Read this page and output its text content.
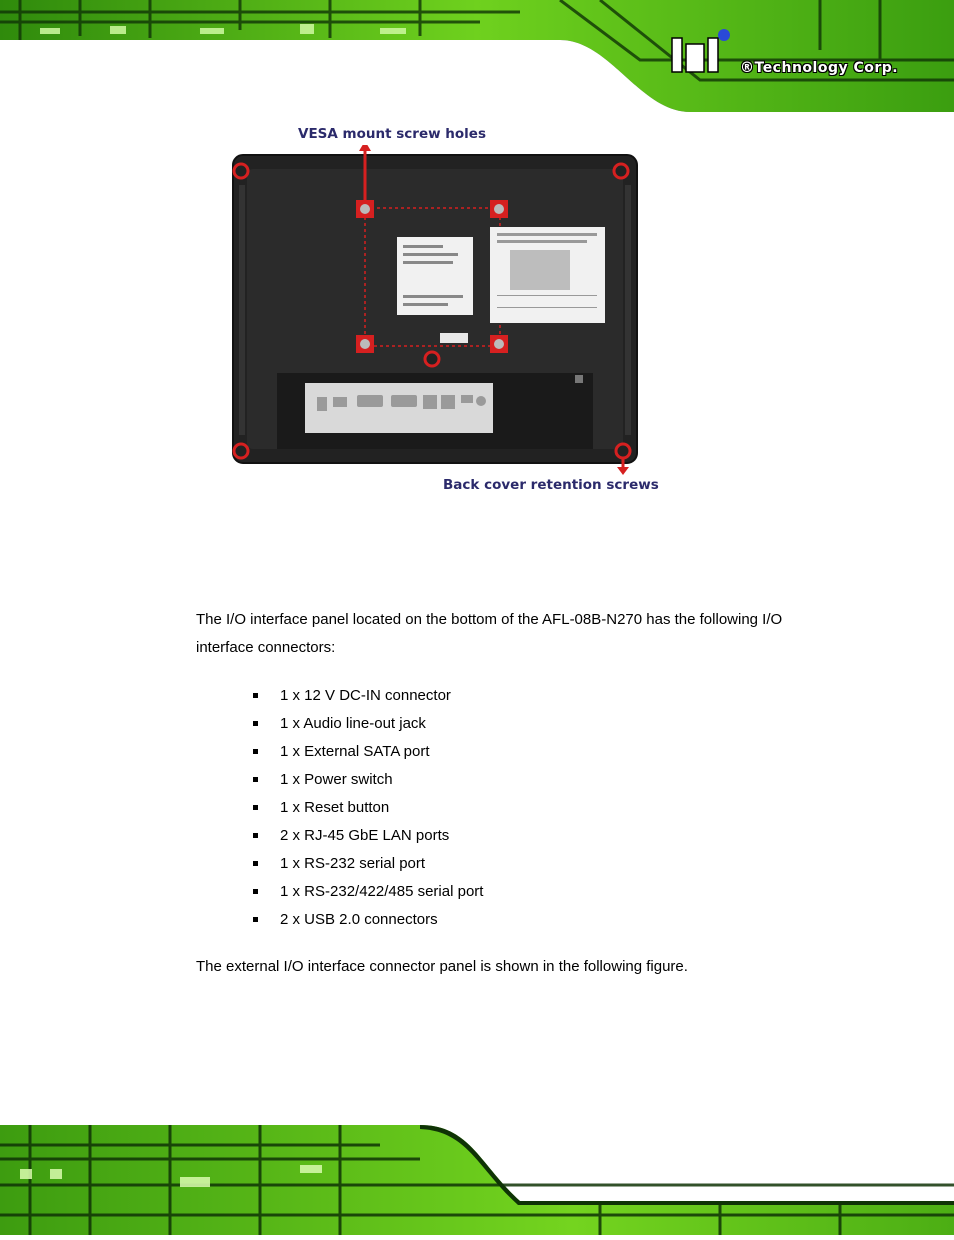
®Technology Corp.
VESA mount screw holes
Back cover retention screws
The I/O interface panel located on the bottom of the AFL-08B-N270 has the following I/O
interface connectors:
1 x 12 V DC-IN connector
1 x Audio line-out jack
1 x External SATA port
1 x Power switch
1 x Reset button
2 x RJ-45 GbE LAN ports
1 x RS-232 serial port
1 x RS-232/422/485 serial port
2 x USB 2.0 connectors
The external I/O interface connector panel is shown in the following figure.
